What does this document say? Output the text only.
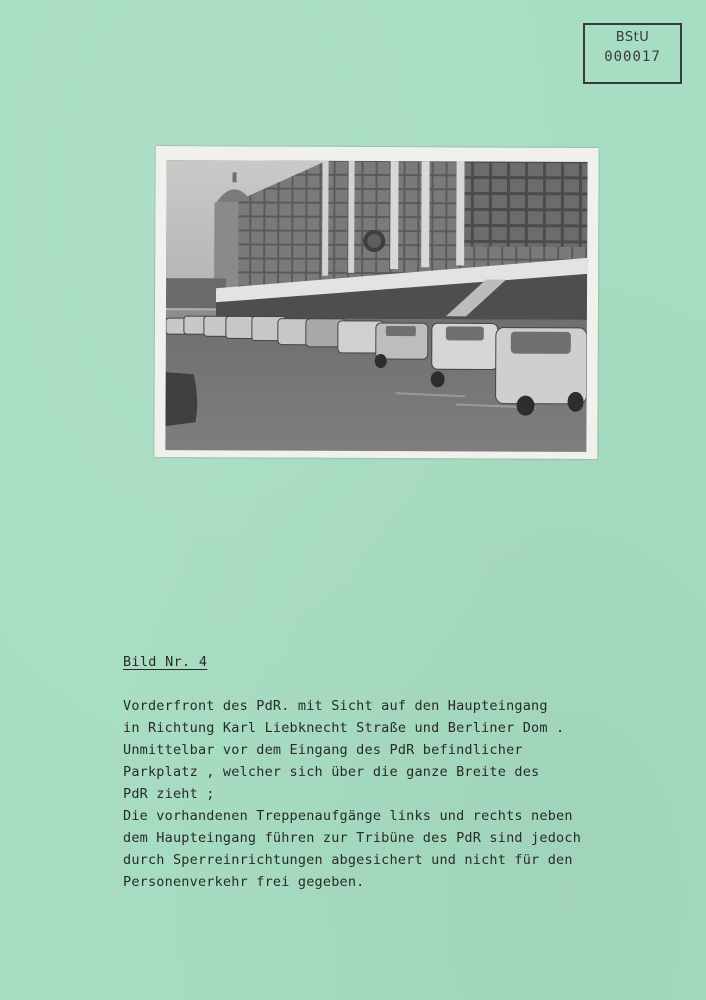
BStU
000017
Bild Nr. 4
Vorderfront des PdR. mit Sicht auf den Haupteingang
in Richtung Karl Liebknecht Straße und Berliner Dom .
Unmittelbar vor dem Eingang des PdR befindlicher
Parkplatz , welcher sich über die ganze Breite des
PdR zieht ;
Die vorhandenen Treppenaufgänge links und rechts neben
dem Haupteingang führen zur Tribüne des PdR sind jedoch
durch Sperreinrichtungen abgesichert und nicht für den
Personenverkehr frei gegeben.
